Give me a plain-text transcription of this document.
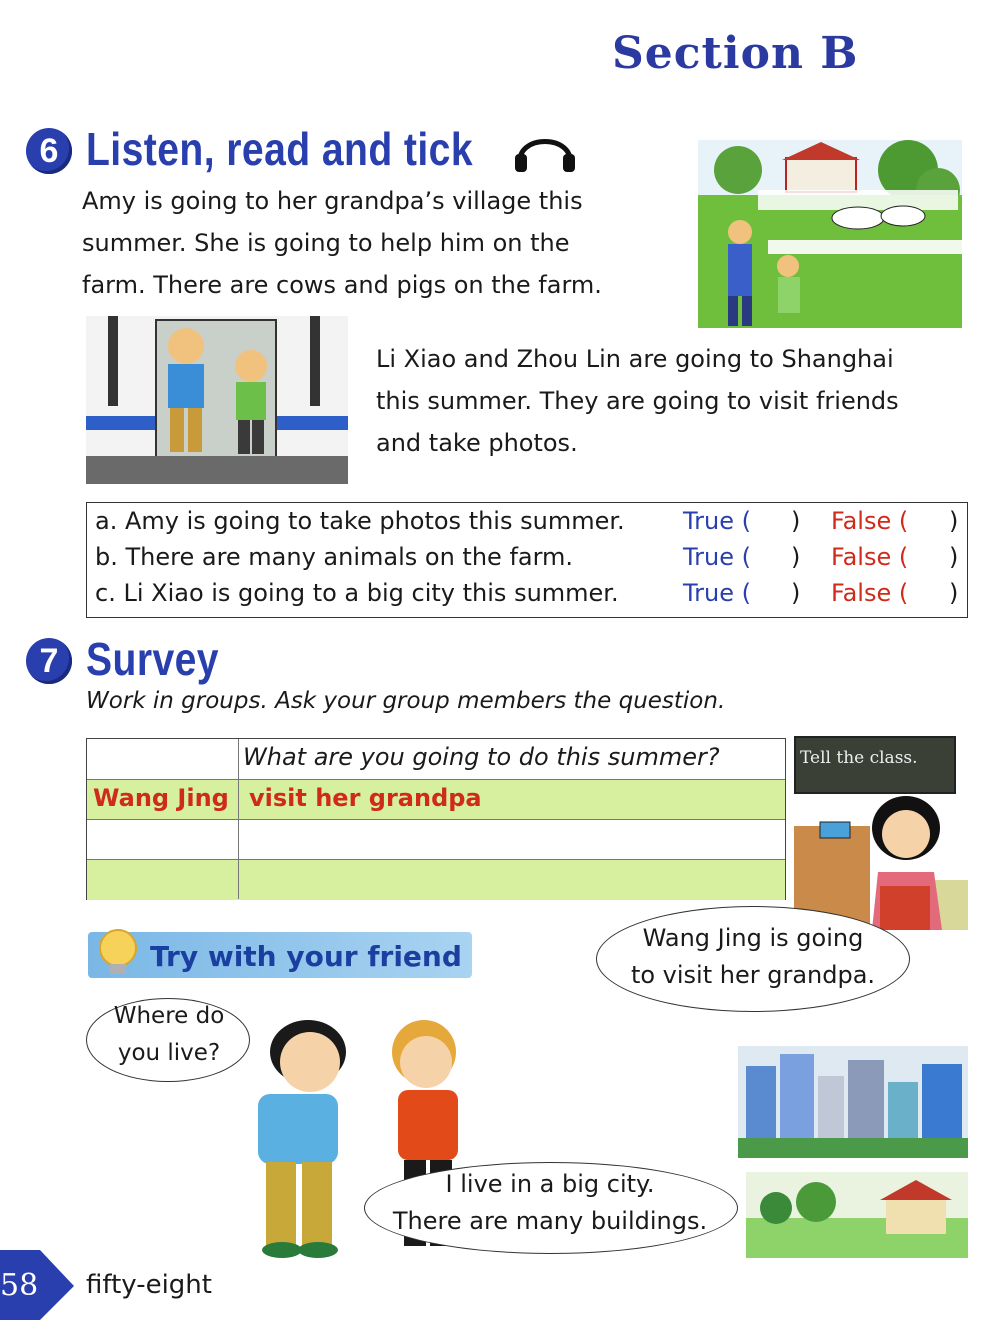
Section B
6 Listen, read and tick
Amy is going to her grandpa’s village this
summer. She is going to help him on the
farm. There are cows and pigs on the farm.
Li Xiao and Zhou Lin are going to Shanghai
this summer. They are going to visit friends
and take photos.
a. Amy is going to take photos this summer. True ( ) False ( )
b. There are many animals on the farm.	True ( ) False ( )
c. Li Xiao is going to a big city this summer.	True ( ) False ( )
7 Survey
Work in groups. Ask your group members the question.
What are you going to do this summer?
Wang Jing visit her grandpa
Tell the class.
Wang Jing is going
to visit her grandpa.
Try with your friend
Where do
you live?
I live in a big city.
There are many buildings.
58 fifty-eight
